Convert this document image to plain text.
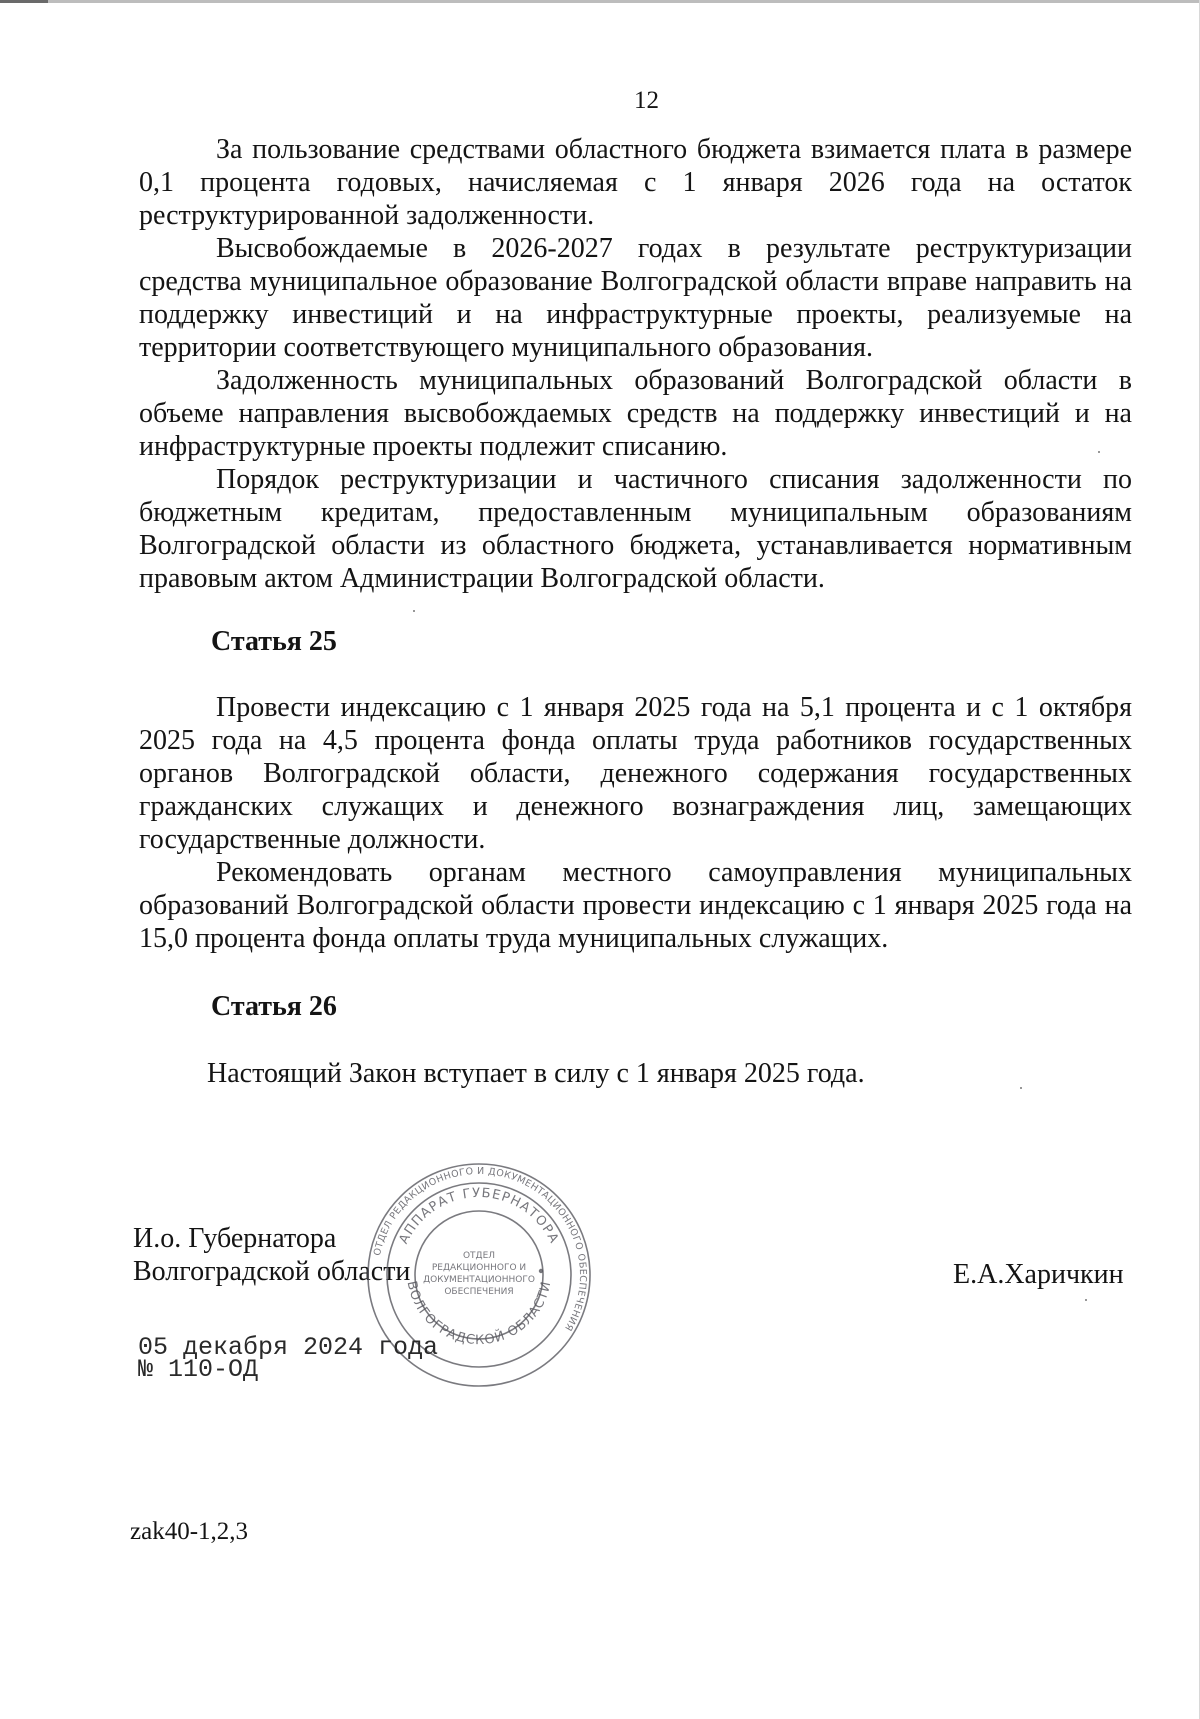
12

За пользование средствами областного бюджета взимается плата в размере 0,1 процента годовых, начисляемая с 1 января 2026 года на остаток реструктурированной задолженности.

Высвобождаемые в 2026-2027 годах в результате реструктуризации средства муниципальное образование Волгоградской области вправе направить на поддержку инвестиций и на инфраструктурные проекты, реализуемые на территории соответствующего муниципального образования.

Задолженность муниципальных образований Волгоградской области в объеме направления высвобождаемых средств на поддержку инвестиций и на инфраструктурные проекты подлежит списанию.

Порядок реструктуризации и частичного списания задолженности по бюджетным кредитам, предоставленным муниципальным образованиям Волгоградской области из областного бюджета, устанавливается нормативным правовым актом Администрации Волгоградской области.

Статья 25

Провести индексацию с 1 января 2025 года на 5,1 процента и с 1 октября 2025 года на 4,5 процента фонда оплаты труда работников государственных органов Волгоградской области, денежного содержания государственных гражданских служащих и денежного вознаграждения лиц, замещающих государственные должности.

Рекомендовать органам местного самоуправления муниципальных образований Волгоградской области провести индексацию с 1 января 2025 года на 15,0 процента фонда оплаты труда муниципальных служащих.

Статья 26
Настоящий Закон вступает в силу с 1 января 2025 года.
И.о. Губернатора
Волгоградской области	Е.А.Харичкин
ОТДЕЛ РЕДАКЦИОННОГО И ДОКУМЕНТАЦИОННОГО ОБЕСПЕЧЕНИЯ
АППАРАТ ГУБЕРНАТОРА
ВОЛГОГРАДСКОЙ ОБЛАСТИ
ОТДЕЛ
РЕДАКЦИОННОГО И
ДОКУМЕНТАЦИОННОГО
ОБЕСПЕЧЕНИЯ
05 декабря 2024 года
№ 110-ОД
zak40-1,2,3
